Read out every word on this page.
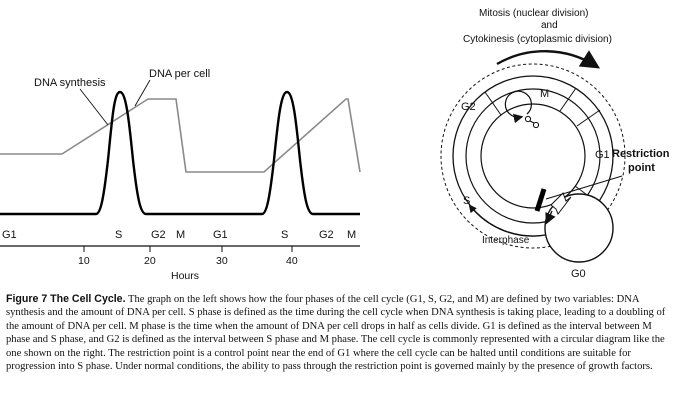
DNA synthesis
DNA per cell
G1	S	G2 M	G1	S	G2 M
10	20	30	40
Hours
Mitosis (nuclear division)
and
Cytokinesis (cytoplasmic division)
G2
M
G1
S
Restriction
point
Interphase
G0
Figure 7 The Cell Cycle. The graph on the left shows how the four phases of the cell cycle (G1, S, G2, and M) are defined by two variables: DNA synthesis and the amount of DNA per cell. S phase is defined as the time during the cell cycle when DNA synthesis is taking place, leading to a doubling of the amount of DNA per cell. M phase is the time when the amount of DNA per cell drops in half as cells divide. G1 is defined as the interval between M phase and S phase, and G2 is defined as the interval between S phase and M phase. The cell cycle is commonly represented with a circular diagram like the one shown on the right. The restriction point is a control point near the end of G1 where the cell cycle can be halted until conditions are suitable for progression into S phase. Under normal conditions, the ability to pass through the restriction point is governed mainly by the presence of growth factors.
